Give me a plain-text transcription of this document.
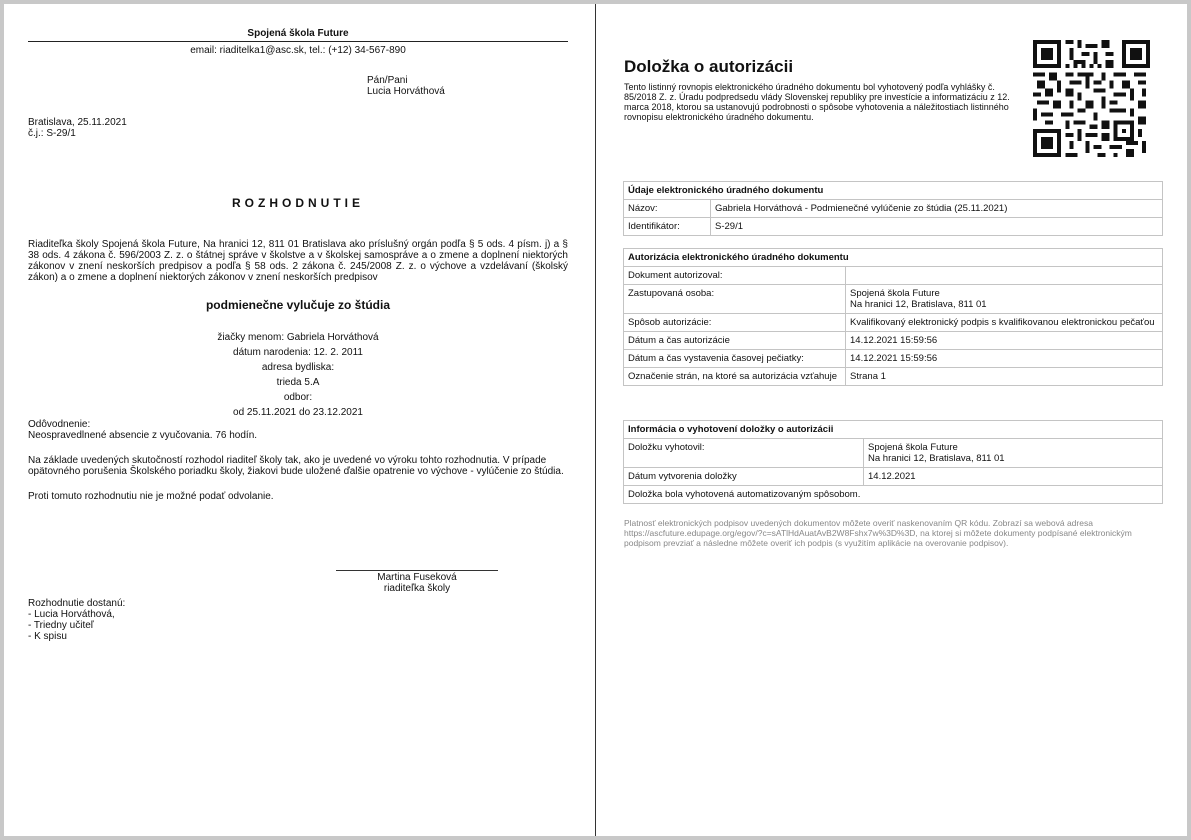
Spojená škola Future
email: riaditelka1@asc.sk, tel.: (+12) 34-567-890
Pán/Pani
Lucia Horváthová
Bratislava, 25.11.2021
č.j.: S-29/1
ROZHODNUTIE
Riaditeľka školy Spojená škola Future, Na hranici 12, 811 01 Bratislava ako príslušný orgán podľa § 5 ods. 4 písm. j) a § 38 ods. 4 zákona č. 596/2003 Z. z. o štátnej správe v školstve a v školskej samospráve a o zmene a doplnení niektorých zákonov v znení neskorších predpisov a podľa § 58 ods. 2 zákona č. 245/2008 Z. z. o výchove a vzdelávaní (školský zákon) a o zmene a doplnení niektorých zákonov v znení neskorších predpisov
podmienečne vylučuje zo štúdia
žiačky menom: Gabriela Horváthová
dátum narodenia: 12. 2. 2011
adresa bydliska:
trieda 5.A
odbor:
od 25.11.2021 do 23.12.2021
Odôvodnenie:
Neospravedlnené absencie z vyučovania. 76 hodín.
Na základe uvedených skutočností rozhodol riaditeľ školy tak, ako je uvedené vo výroku tohto rozhodnutia. V prípade opätovného porušenia Školského poriadku školy, žiakovi bude uložené ďalšie opatrenie vo výchove - vylúčenie zo štúdia.
Proti tomuto rozhodnutiu nie je možné podať odvolanie.
Martina Fuseková
riaditeľka školy
Rozhodnutie dostanú:
- Lucia Horváthová,
- Triedny učiteľ
- K spisu
Doložka o autorizácii
Tento listinný rovnopis elektronického úradného dokumentu bol vyhotovený podľa vyhlášky č. 85/2018 Z. z. Úradu podpredsedu vlády Slovenskej republiky pre investície a informatizáciu z 12. marca 2018, ktorou sa ustanovujú podrobnosti o spôsobe vyhotovenia a náležitostiach listinného rovnopisu elektronického úradného dokumentu.
Údaje elektronického úradného dokumentu	
Názov:	Gabriela Horváthová - Podmienečné vylúčenie zo štúdia (25.11.2021)
Identifikátor:	S-29/1
Autorizácia elektronického úradného dokumentu	
Dokument autorizoval:	
Zastupovaná osoba:	Spojená škola Future
Na hranici 12, Bratislava, 811 01

Spôsob autorizácie:	Kvalifikovaný elektronický podpis s kvalifikovanou elektronickou pečaťou
Dátum a čas autorizácie	14.12.2021 15:59:56
Dátum a čas vystavenia časovej pečiatky:	14.12.2021 15:59:56
Označenie strán, na ktoré sa autorizácia vzťahuje	Strana 1
Informácia o vyhotovení doložky o autorizácii	
Doložku vyhotovil:	Spojená škola Future
Na hranici 12, Bratislava, 811 01

Dátum vytvorenia doložky	14.12.2021
Doložka bola vyhotovená automatizovaným spôsobom.	
Platnosť elektronických podpisov uvedených dokumentov môžete overiť naskenovaním QR kódu. Zobrazí sa webová adresa https://ascfuture.edupage.org/egov/?c=sATlHdAuatAvB2W8Fshx7w%3D%3D, na ktorej si môžete dokumenty podpísané elektronickým podpisom prevziať a následne môžete overiť ich podpis (s využitím aplikácie na overovanie podpisov).
